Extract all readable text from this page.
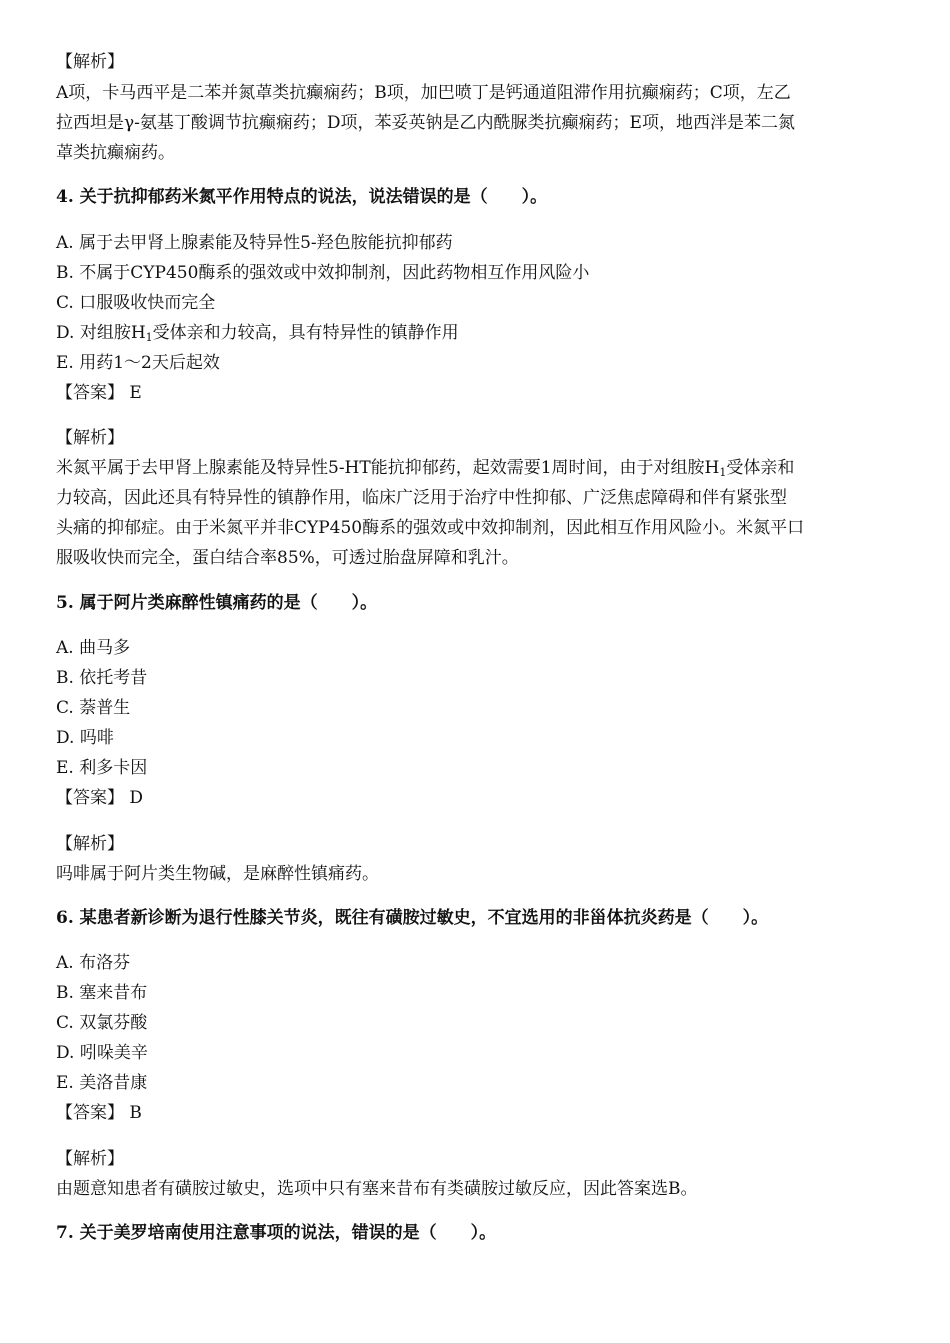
【解析】
A项，卡马西平是二苯并氮䓬类抗癫痫药；B项，加巴喷丁是钙通道阻滞作用抗癫痫药；C项，左乙
拉西坦是γ-氨基丁酸调节抗癫痫药；D项，苯妥英钠是乙内酰脲类抗癫痫药；E项，地西泮是苯二氮
䓬类抗癫痫药。
4. 关于抗抑郁药米氮平作用特点的说法，说法错误的是（　　）。
A. 属于去甲肾上腺素能及特异性5-羟色胺能抗抑郁药
B. 不属于CYP450酶系的强效或中效抑制剂，因此药物相互作用风险小
C. 口服吸收快而完全
D. 对组胺$H_1$受体亲和力较高，具有特异性的镇静作用
E. 用药1～2天后起效
【答案】 E
【解析】
米氮平属于去甲肾上腺素能及特异性5-HT能抗抑郁药，起效需要1周时间，由于对组胺$H_1$受体亲和
力较高，因此还具有特异性的镇静作用，临床广泛用于治疗中性抑郁、广泛焦虑障碍和伴有紧张型
头痛的抑郁症。由于米氮平并非CYP450酶系的强效或中效抑制剂，因此相互作用风险小。米氮平口
服吸收快而完全，蛋白结合率85%，可透过胎盘屏障和乳汁。
5. 属于阿片类麻醉性镇痛药的是（　　）。
A. 曲马多
B. 依托考昔
C. 萘普生
D. 吗啡
E. 利多卡因
【答案】 D
【解析】
吗啡属于阿片类生物碱，是麻醉性镇痛药。
6. 某患者新诊断为退行性膝关节炎，既往有磺胺过敏史，不宜选用的非甾体抗炎药是（　　）。
A. 布洛芬
B. 塞来昔布
C. 双氯芬酸
D. 吲哚美辛
E. 美洛昔康
【答案】 B
【解析】
由题意知患者有磺胺过敏史，选项中只有塞来昔布有类磺胺过敏反应，因此答案选B。
7. 关于美罗培南使用注意事项的说法，错误的是（　　）。
